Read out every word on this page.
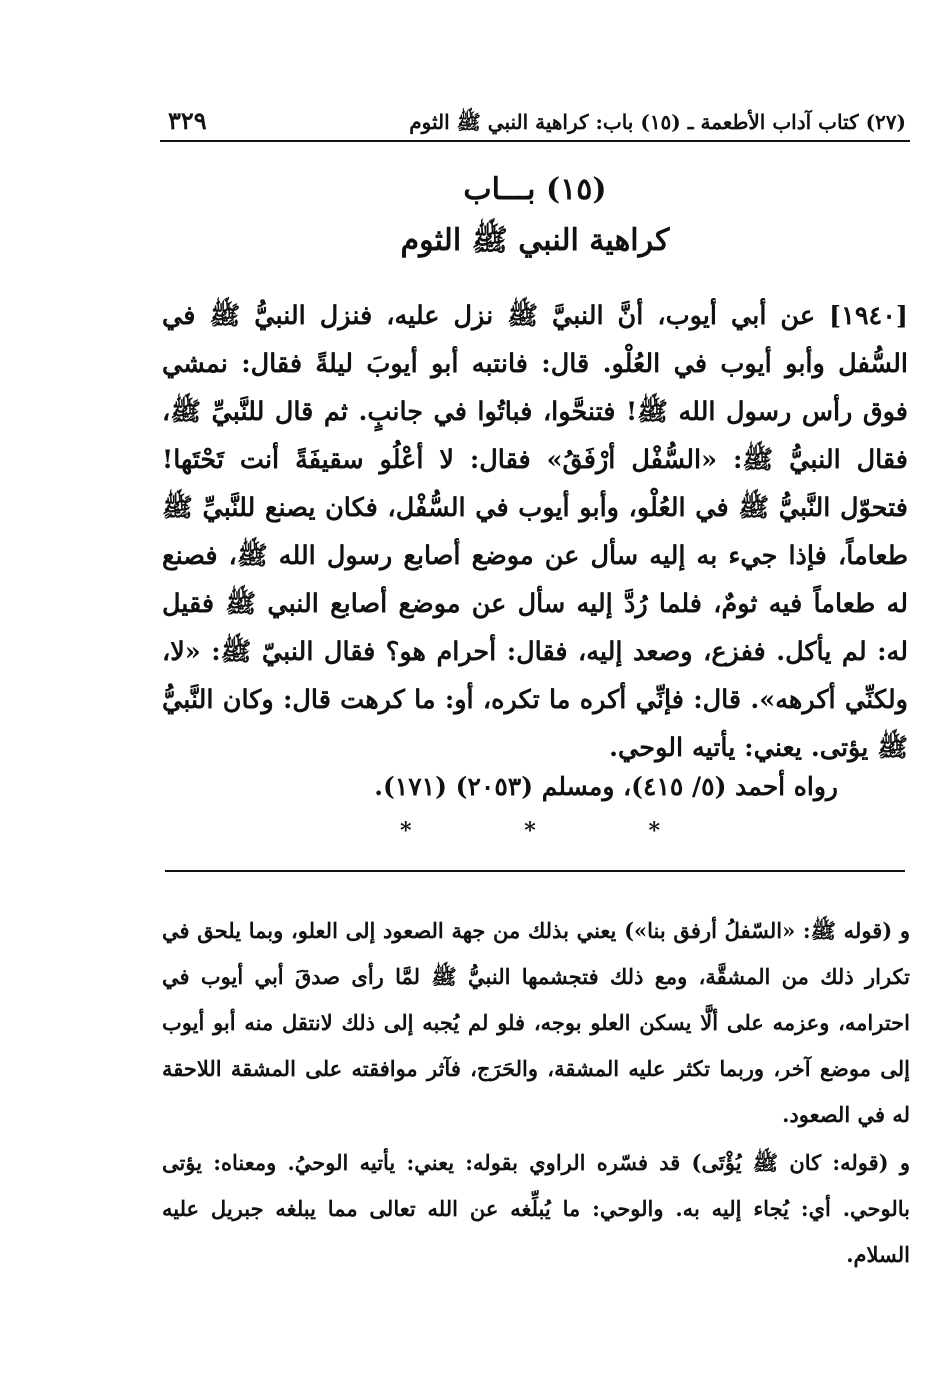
(٢٧) كتاب آداب الأطعمة ـ (١٥) باب: كراهية النبي ﷺ الثوم
٣٢٩
(١٥) بـــاب
كراهية النبي ﷺ الثوم

[١٩٤٠] عن أبي أيوب، أنَّ النبيَّ ﷺ نزل عليه، فنزل النبيُّ ﷺ في السُّفل وأبو أيوب في العُلْو. قال: فانتبه أبو أيوبَ ليلةً فقال: نمشي فوق رأس رسول الله ﷺ! فتنحَّوا، فباتُوا في جانبٍ. ثم قال للنَّبيِّ ﷺ، فقال النبيُّ ﷺ: «السُّفْل أرْفَقُ» فقال: لا أعْلُو سقيفَةً أنت تَحْتَها! فتحوّل النَّبيُّ ﷺ في العُلْو، وأبو أيوب في السُّفْل، فكان يصنع للنَّبيِّ ﷺ طعاماً، فإذا جيء به إليه سأل عن موضع أصابع رسول الله ﷺ، فصنع له طعاماً فيه ثومٌ، فلما رُدَّ إليه سأل عن موضع أصابع النبي ﷺ فقيل له: لم يأكل. ففزع، وصعد إليه، فقال: أحرام هو؟ فقال النبيّ ﷺ: «لا، ولكنِّي أكرهه». قال: فإنِّي أكره ما تكره، أو: ما كرهت قال: وكان النَّبيُّ ﷺ يؤتى. يعني: يأتيه الوحي.

رواه أحمد (٥/ ٤١٥)، ومسلم (٢٠٥٣) (١٧١).
*	*	*

و (قوله ﷺ: «السّفلُ أرفق بنا») يعني بذلك من جهة الصعود إلى العلو، وبما يلحق في تكرار ذلك من المشقَّة، ومع ذلك فتجشمها النبيُّ ﷺ لمَّا رأى صدقَ أبي أيوب في احترامه، وعزمه على ألَّا يسكن العلو بوجه، فلو لم يُجبه إلى ذلك لانتقل منه أبو أيوب إلى موضع آخر، وربما تكثر عليه المشقة، والحَرَج، فآثر موافقته على المشقة اللاحقة له في الصعود.

و (قوله: كان ﷺ يُؤْتَى) قد فسّره الراوي بقوله: يعني: يأتيه الوحيُ. ومعناه: يؤتى بالوحي. أي: يُجاء إليه به. والوحي: ما يُبلِّغه عن الله تعالى مما يبلغه جبريل عليه السلام.
